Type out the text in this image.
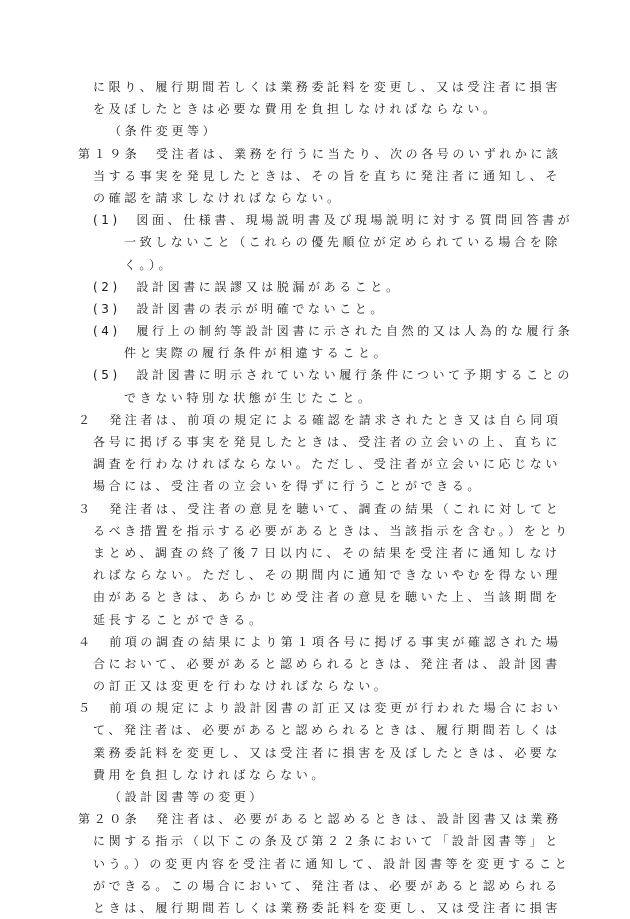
に限り、履行期間若しくは業務委託料を変更し、又は受注者に損害
を及ぼしたときは必要な費用を負担しなければならない。
（条件変更等）
第１９条　受注者は、業務を行うに当たり、次の各号のいずれかに該
当する事実を発見したときは、その旨を直ちに発注者に通知し、そ
の確認を請求しなければならない。
(1)　図面、仕様書、現場説明書及び現場説明に対する質問回答書が
一致しないこと（これらの優先順位が定められている場合を除
く。）。
(2)　設計図書に誤謬又は脱漏があること。
(3)　設計図書の表示が明確でないこと。
(4)　履行上の制約等設計図書に示された自然的又は人為的な履行条
件と実際の履行条件が相違すること。
(5)　設計図書に明示されていない履行条件について予期することの
できない特別な状態が生じたこと。
２　発注者は、前項の規定による確認を請求されたとき又は自ら同項
各号に掲げる事実を発見したときは、受注者の立会いの上、直ちに
調査を行わなければならない。ただし、受注者が立会いに応じない
場合には、受注者の立会いを得ずに行うことができる。
３　発注者は、受注者の意見を聴いて、調査の結果（これに対してと
るべき措置を指示する必要があるときは、当該指示を含む。）をとり
まとめ、調査の終了後７日以内に、その結果を受注者に通知しなけ
ればならない。ただし、その期間内に通知できないやむを得ない理
由があるときは、あらかじめ受注者の意見を聴いた上、当該期間を
延長することができる。
４　前項の調査の結果により第１項各号に掲げる事実が確認された場
合において、必要があると認められるときは、発注者は、設計図書
の訂正又は変更を行わなければならない。
５　前項の規定により設計図書の訂正又は変更が行われた場合におい
て、発注者は、必要があると認められるときは、履行期間若しくは
業務委託料を変更し、又は受注者に損害を及ぼしたときは、必要な
費用を負担しなければならない。
（設計図書等の変更）
第２０条　発注者は、必要があると認めるときは、設計図書又は業務
に関する指示（以下この条及び第２２条において「設計図書等」と
いう。）の変更内容を受注者に通知して、設計図書等を変更すること
ができる。この場合において、発注者は、必要があると認められる
ときは、履行期間若しくは業務委託料を変更し、又は受注者に損害
